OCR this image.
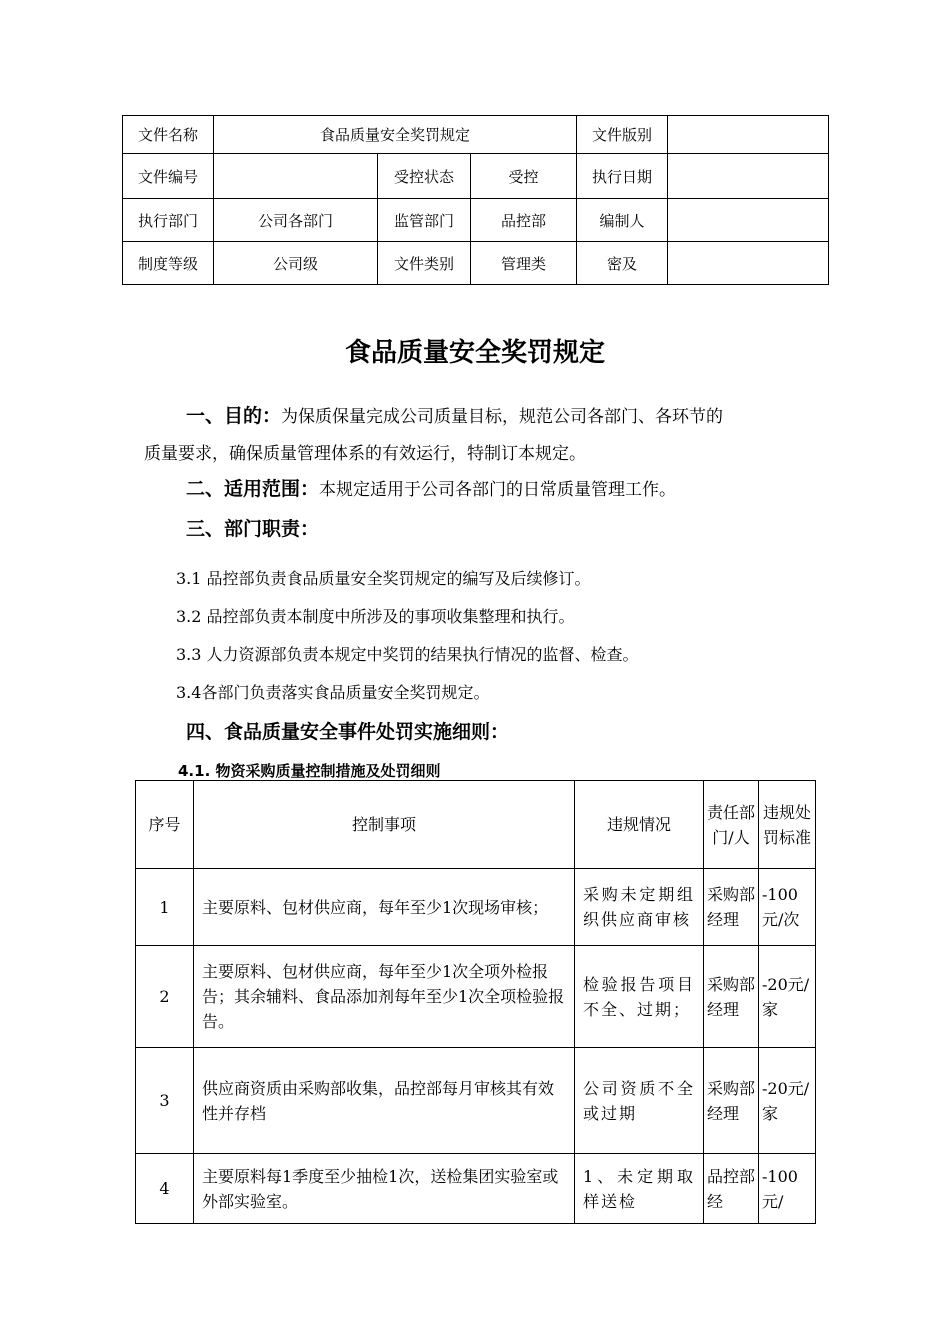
文件名称	食品质量安全奖罚规定			文件版别	
文件编号		受控状态	受控	执行日期	
执行部门	公司各部门	监管部门	品控部	编制人	
制度等级	公司级	文件类别	管理类	密及	
食品质量安全奖罚规定
一、目的：为保质保量完成公司质量目标，规范公司各部门、各环节的
质量要求，确保质量管理体系的有效运行，特制订本规定。
二、适用范围：本规定适用于公司各部门的日常质量管理工作。
三、部门职责：
3.1 品控部负责食品质量安全奖罚规定的编写及后续修订。
3.2 品控部负责本制度中所涉及的事项收集整理和执行。
3.3 人力资源部负责本规定中奖罚的结果执行情况的监督、检查。
3.4各部门负责落实食品质量安全奖罚规定。
四、食品质量安全事件处罚实施细则：
4.1. 物资采购质量控制措施及处罚细则
序号	控制事项	违规情况	责任部门/人	违规处罚标准
1	主要原料、包材供应商，每年至少1次现场审核；	采购未定期组织供应商审核	采购部经理	-100元/次
2	主要原料、包材供应商，每年至少1次全项外检报告；其余辅料、食品添加剂每年至少1次全项检验报告。	检验报告项目不全、过期；	采购部经理	-20元/家
3	供应商资质由采购部收集，品控部每月审核其有效性并存档	公司资质不全或过期	采购部经理	-20元/家
4	主要原料每1季度至少抽检1次，送检集团实验室或外部实验室。	1、未定期取样送检	品控部经	-100元/
